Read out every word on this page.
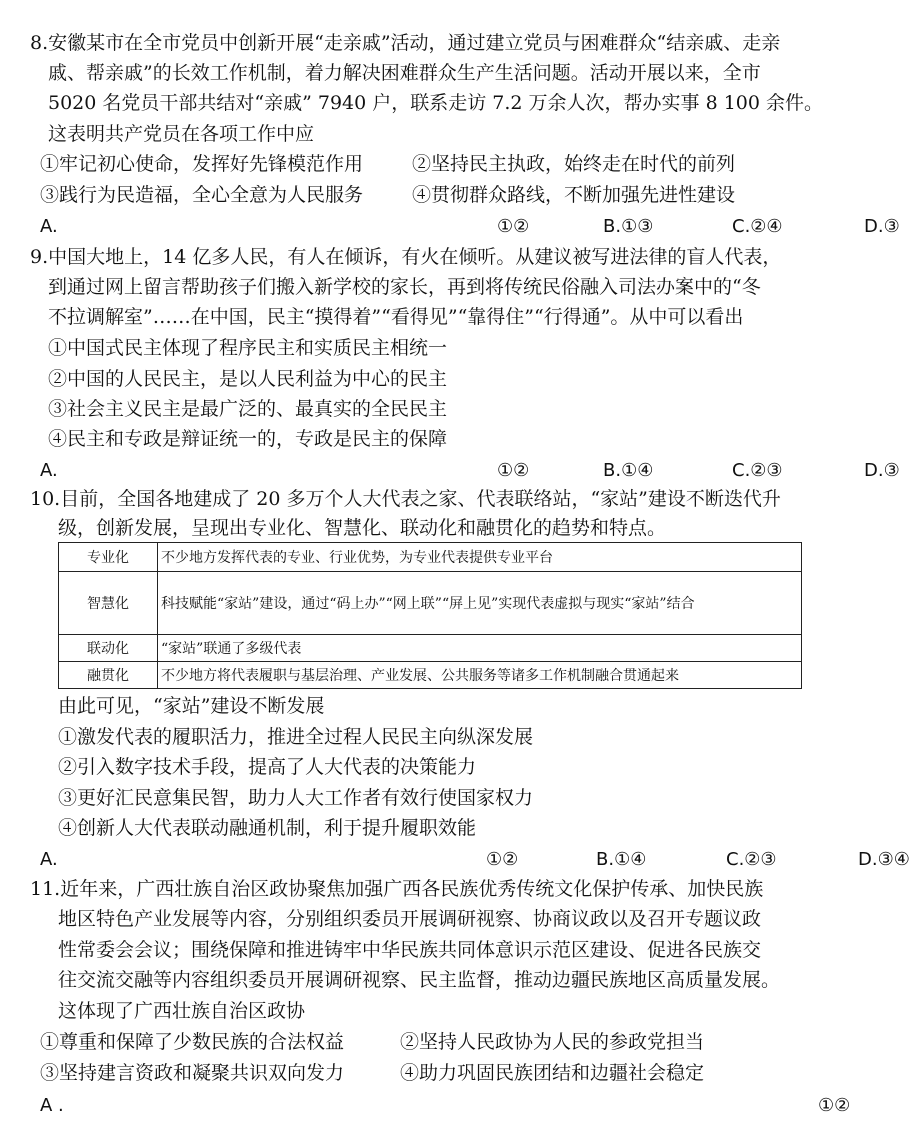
8.安徽某市在全市党员中创新开展“走亲戚”活动，通过建立党员与困难群众“结亲戚、走亲
戚、帮亲戚”的长效工作机制，着力解决困难群众生产生活问题。活动开展以来，全市
5020 名党员干部共结对“亲戚” 7940 户，联系走访 7.2 万余人次，帮办实事 8 100 余件。
这表明共产党员在各项工作中应
①牢记初心使命，发挥好先锋模范作用	②坚持民主执政，始终走在时代的前列
③践行为民造福，全心全意为人民服务	④贯彻群众路线，不断加强先进性建设
A.	①②	B.①③	C.②④	D.③
9.中国大地上，14 亿多人民，有人在倾诉，有火在倾听。从建议被写进法律的盲人代表，
到通过网上留言帮助孩子们搬入新学校的家长，再到将传统民俗融入司法办案中的“冬
不拉调解室”……在中国，民主“摸得着”“看得见”“靠得住”“行得通”。从中可以看出
①中国式民主体现了程序民主和实质民主相统一
②中国的人民民主，是以人民利益为中心的民主
③社会主义民主是最广泛的、最真实的全民民主
④民主和专政是辩证统一的，专政是民主的保障
A.	①②	B.①④	C.②③	D.③
10.目前，全国各地建成了 20 多万个人大代表之家、代表联络站，“家站”建设不断迭代升
级，创新发展，呈现出专业化、智慧化、联动化和融贯化的趋势和特点。
专业化	不少地方发挥代表的专业、行业优势，为专业代表提供专业平台
智慧化	科技赋能“家站”建设，通过“码上办”“网上联”“屏上见”实现代表虚拟与现实“家站”结合
联动化	“家站”联通了多级代表
融贯化	不少地方将代表履职与基层治理、产业发展、公共服务等诸多工作机制融合贯通起来
由此可见，“家站”建设不断发展
①激发代表的履职活力，推进全过程人民民主向纵深发展
②引入数字技术手段，提高了人大代表的决策能力
③更好汇民意集民智，助力人大工作者有效行使国家权力
④创新人大代表联动融通机制，利于提升履职效能
A.	①②	B.①④	C.②③	D.③④
11.近年来，广西壮族自治区政协聚焦加强广西各民族优秀传统文化保护传承、加快民族
地区特色产业发展等内容，分别组织委员开展调研视察、协商议政以及召开专题议政
性常委会会议；围绕保障和推进铸牢中华民族共同体意识示范区建设、促进各民族交
往交流交融等内容组织委员开展调研视察、民主监督，推动边疆民族地区高质量发展。
这体现了广西壮族自治区政协
①尊重和保障了少数民族的合法权益	②坚持人民政协为人民的参政党担当
③坚持建言资政和凝聚共识双向发力	④助力巩固民族团结和边疆社会稳定
A .	①②
